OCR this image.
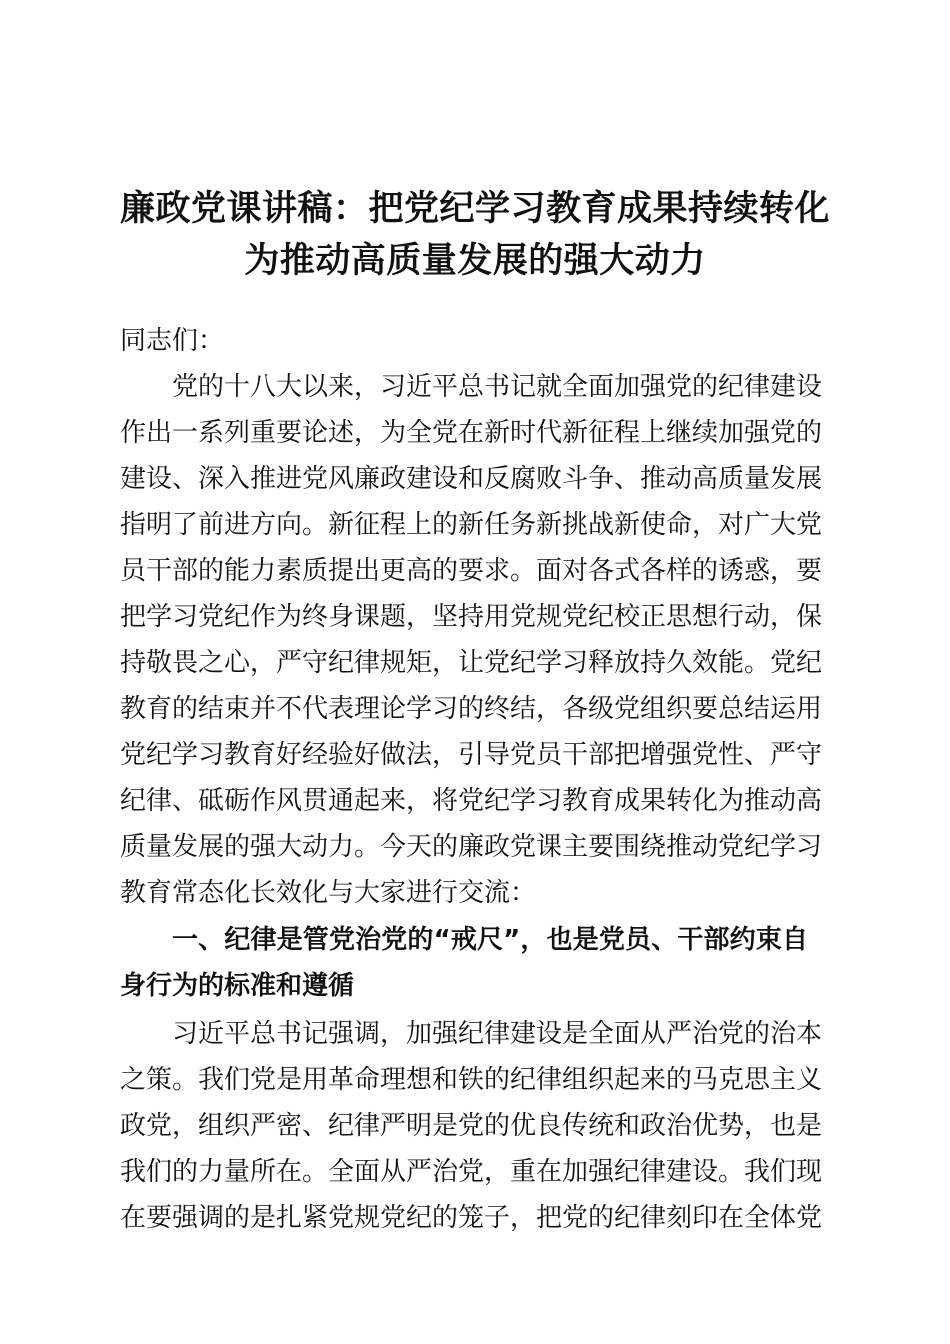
廉政党课讲稿：把党纪学习教育成果持续转化
为推动高质量发展的强大动力
同志们：
党的十八大以来，习近平总书记就全面加强党的纪律建设
作出一系列重要论述，为全党在新时代新征程上继续加强党的
建设、深入推进党风廉政建设和反腐败斗争、推动高质量发展
指明了前进方向。新征程上的新任务新挑战新使命，对广大党
员干部的能力素质提出更高的要求。面对各式各样的诱惑，要
把学习党纪作为终身课题，坚持用党规党纪校正思想行动，保
持敬畏之心，严守纪律规矩，让党纪学习释放持久效能。党纪
教育的结束并不代表理论学习的终结，各级党组织要总结运用
党纪学习教育好经验好做法，引导党员干部把增强党性、严守
纪律、砥砺作风贯通起来，将党纪学习教育成果转化为推动高
质量发展的强大动力。今天的廉政党课主要围绕推动党纪学习
教育常态化长效化与大家进行交流：
一、纪律是管党治党的“戒尺”，也是党员、干部约束自
身行为的标准和遵循
习近平总书记强调，加强纪律建设是全面从严治党的治本
之策。我们党是用革命理想和铁的纪律组织起来的马克思主义
政党，组织严密、纪律严明是党的优良传统和政治优势，也是
我们的力量所在。全面从严治党，重在加强纪律建设。我们现
在要强调的是扎紧党规党纪的笼子，把党的纪律刻印在全体党
